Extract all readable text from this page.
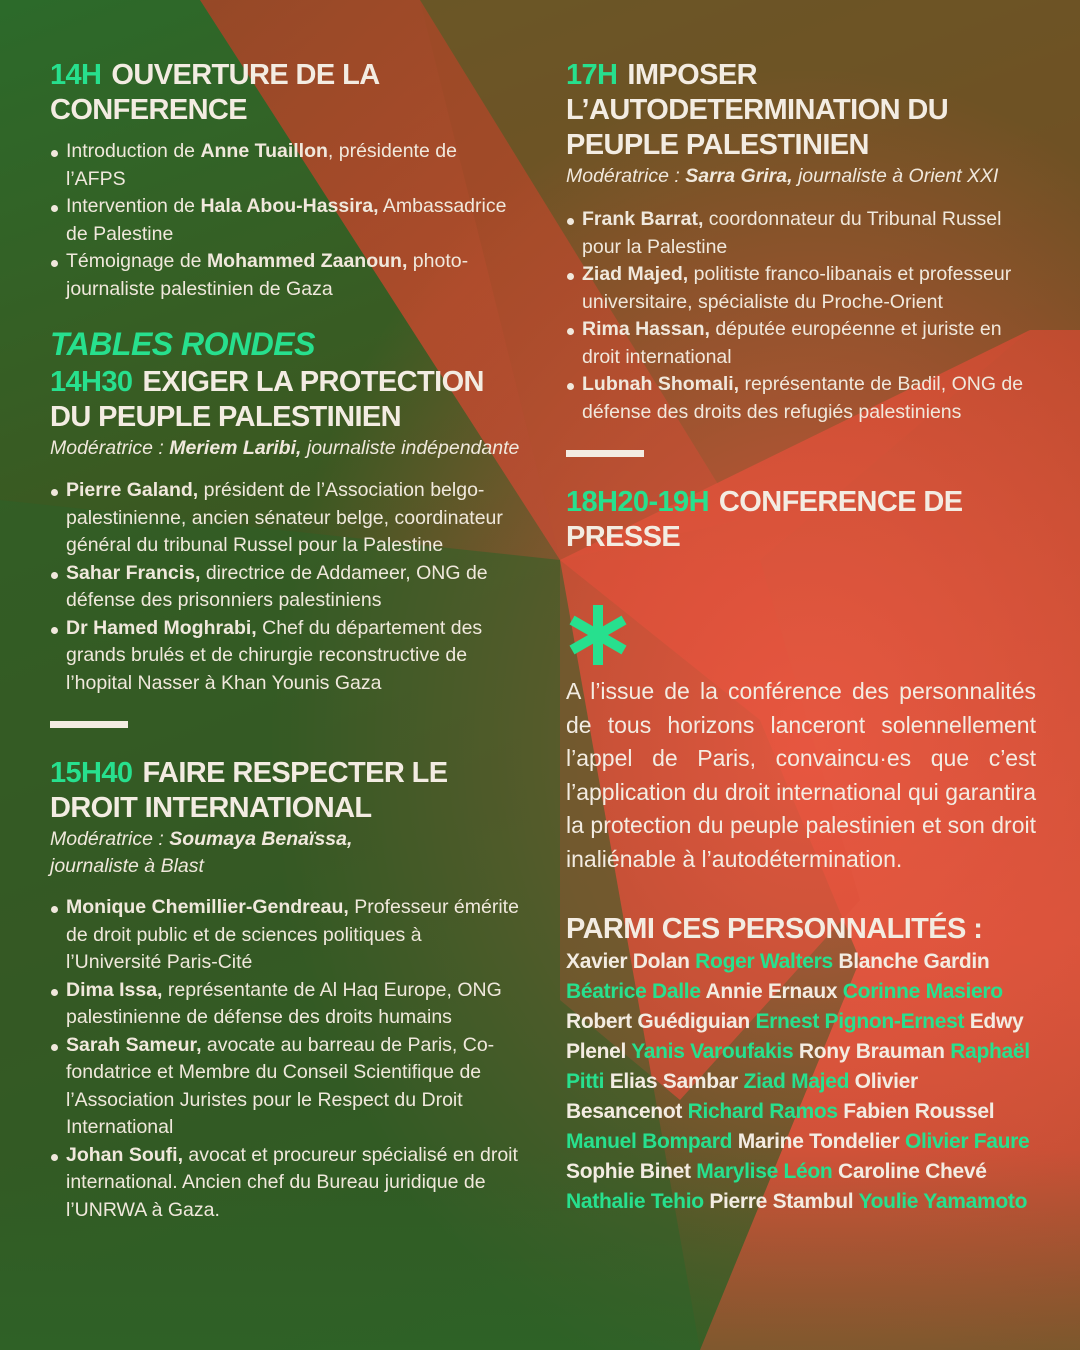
14H OUVERTURE DE LA CONFERENCE
Introduction de Anne Tuaillon, présidente de l’AFPS
Intervention de Hala Abou-Hassira, Ambassadrice de Palestine
Témoignage de Mohammed Zaanoun, photo-journaliste palestinien de Gaza
TABLES RONDES
14H30 EXIGER LA PROTECTION DU PEUPLE PALESTINIEN
Modératrice : Meriem Laribi, journaliste indépendante
Pierre Galand, président de l’Association belgo-palestinienne, ancien sénateur belge, coordinateur général du tribunal Russel pour la Palestine
Sahar Francis, directrice de Addameer, ONG de défense des prisonniers palestiniens
Dr Hamed Moghrabi, Chef du département des grands brulés et de chirurgie reconstructive de l’hopital Nasser à Khan Younis Gaza
15H40 FAIRE RESPECTER LE DROIT INTERNATIONAL
Modératrice : Soumaya Benaïssa, journaliste à Blast
Monique Chemillier-Gendreau, Professeur émérite de droit public et de sciences politiques à l’Université Paris-Cité
Dima Issa, représentante de Al Haq Europe, ONG palestinienne de défense des droits humains
Sarah Sameur, avocate au barreau de Paris, Co-fondatrice et Membre du Conseil Scientifique de l’Association Juristes pour le Respect du Droit International
Johan Soufi, avocat et procureur spécialisé en droit international. Ancien chef du Bureau juridique de l’UNRWA à Gaza.
17H IMPOSER L’AUTODETERMINATION DU PEUPLE PALESTINIEN
Modératrice : Sarra Grira, journaliste à Orient XXI
Frank Barrat, coordonnateur du Tribunal Russel pour la Palestine
Ziad Majed, politiste franco-libanais et professeur universitaire, spécialiste du Proche-Orient
Rima Hassan, députée européenne et juriste en droit international
Lubnah Shomali, représentante de Badil, ONG de défense des droits des refugiés palestiniens
18H20-19H CONFERENCE DE PRESSE
A l’issue de la conférence des personnalités de tous horizons lanceront solennellement l’appel de Paris, convaincu·es que c’est l’application du droit international qui garantira la protection du peuple palestinien et son droit inaliénable à l’autodétermination.
PARMI CES PERSONNALITÉS :
Xavier Dolan Roger Walters Blanche Gardin Béatrice Dalle Annie Ernaux Corinne Masiero Robert Guédiguian Ernest Pignon-Ernest Edwy Plenel Yanis Varoufakis Rony Brauman Raphaël Pitti Elias Sambar Ziad Majed Olivier Besancenot Richard Ramos Fabien Roussel Manuel Bompard Marine Tondelier Olivier Faure Sophie Binet Marylise Léon Caroline Chevé Nathalie Tehio Pierre Stambul Youlie Yamamoto
